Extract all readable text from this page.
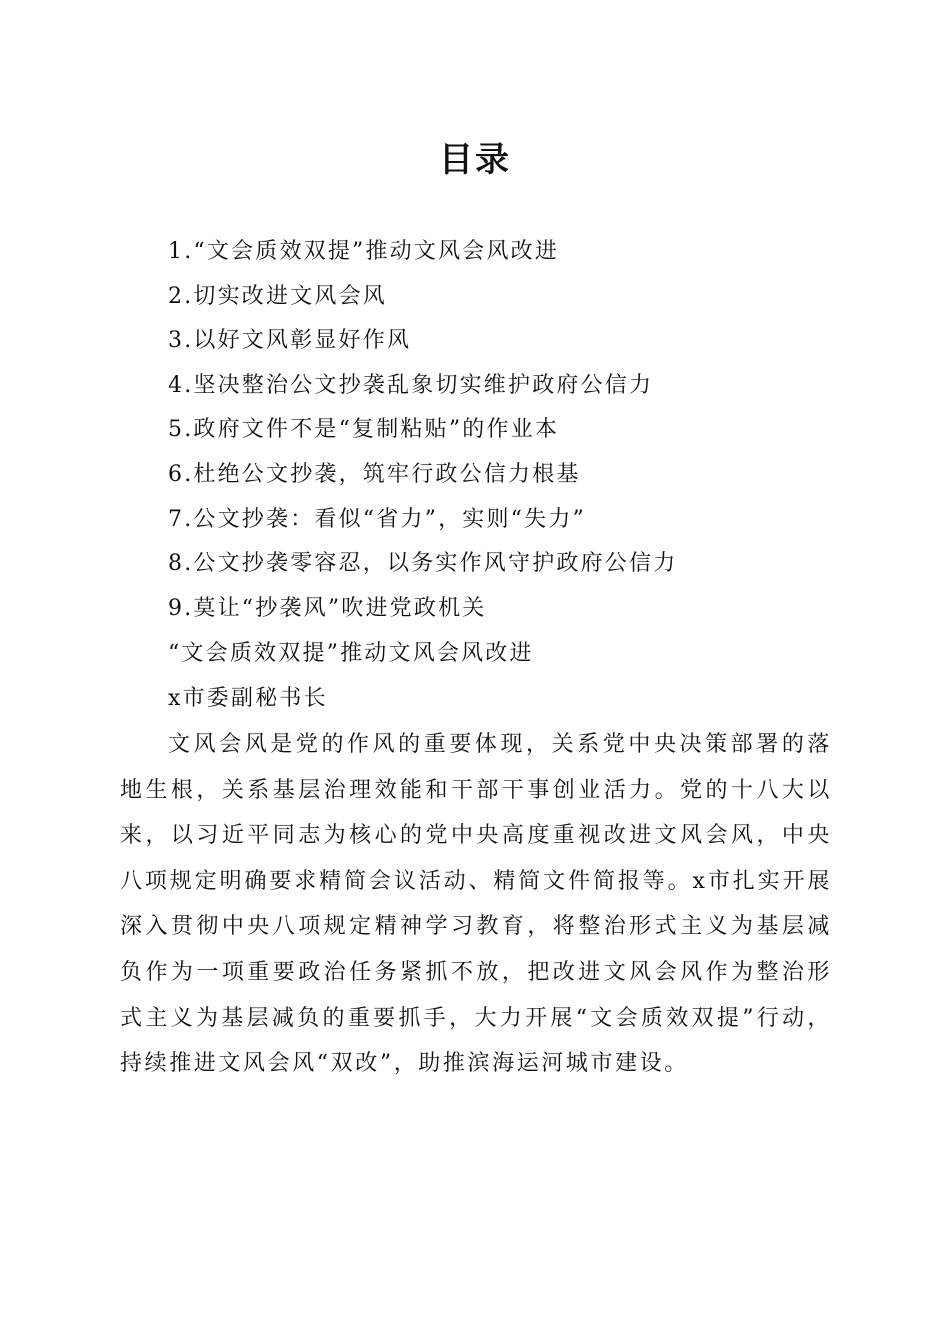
目录
1.“文会质效双提”推动文风会风改进
2.切实改进文风会风
3.以好文风彰显好作风
4.坚决整治公文抄袭乱象切实维护政府公信力
5.政府文件不是“复制粘贴”的作业本
6.杜绝公文抄袭，筑牢行政公信力根基
7.公文抄袭：看似“省力”，实则“失力”
8.公文抄袭零容忍，以务实作风守护政府公信力
9.莫让“抄袭风”吹进党政机关
“文会质效双提”推动文风会风改进
x市委副秘书长

文风会风是党的作风的重要体现，关系党中央决策部署的落地生根，关系基层治理效能和干部干事创业活力。党的十八大以来，以习近平同志为核心的党中央高度重视改进文风会风，中央八项规定明确要求精简会议活动、精简文件简报等。x市扎实开展深入贯彻中央八项规定精神学习教育，将整治形式主义为基层减负作为一项重要政治任务紧抓不放，把改进文风会风作为整治形式主义为基层减负的重要抓手，大力开展“文会质效双提”行动，持续推进文风会风“双改”，助推滨海运河城市建设。
